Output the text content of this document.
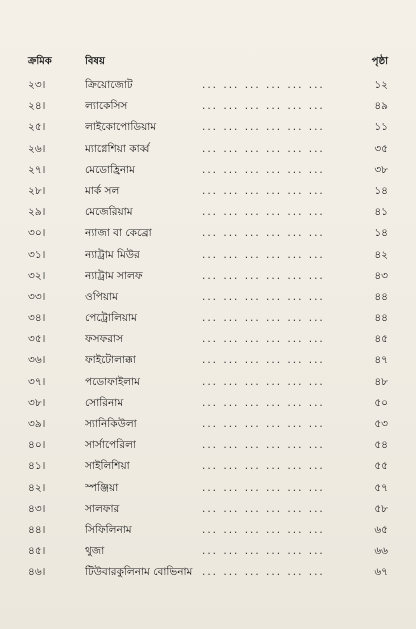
ক্রমিক	বিষয়	পৃষ্ঠা
২৩।	ক্রিয়োজোট	... ... ... ... ... ...	১২
২৪।	ল্যাকেসিস	... ... ... ... ... ...	৪৯
২৫।	লাইকোপোডিয়াম	... ... ... ... ... ...	১১
২৬।	ম্যাগ্নেশিয়া কার্ব্ব	... ... ... ... ... ...	৩৫
২৭।	মেডোহ্রিনাম	... ... ... ... ... ...	৩৮
২৮।	মার্ক সল	... ... ... ... ... ...	১৪
২৯।	মেজেরিয়াম	... ... ... ... ... ...	৪১
৩০।	ন্যাজা বা কেব্রো	... ... ... ... ... ...	১৪
৩১।	ন্যাট্রাম মিউর	... ... ... ... ... ...	৪২
৩২।	ন্যাট্রাম সালফ	... ... ... ... ... ...	৪৩
৩৩।	ওপিয়াম	... ... ... ... ... ...	৪৪
৩৪।	পেট্রোলিয়াম	... ... ... ... ... ...	৪৪
৩৫।	ফসফরাস	... ... ... ... ... ...	৪৫
৩৬।	ফাইটোলাক্কা	... ... ... ... ... ...	৪৭
৩৭।	পডোফাইলাম	... ... ... ... ... ...	৪৮
৩৮।	সোরিনাম	... ... ... ... ... ...	৫০
৩৯।	স্যানিকিউলা	... ... ... ... ... ...	৫৩
৪০।	সার্সাপেরিলা	... ... ... ... ... ...	৫৪
৪১।	সাইলিশিয়া	... ... ... ... ... ...	৫৫
৪২।	স্পঞ্জিয়া	... ... ... ... ... ...	৫৭
৪৩।	সালফার	... ... ... ... ... ...	৫৮
৪৪।	সিফিলিনাম	... ... ... ... ... ...	৬৫
৪৫।	থুজা	... ... ... ... ... ...	৬৬
৪৬।	টিউবারকুলিনাম বোভিনাম ... ... ... ... ... ...	৬৭
